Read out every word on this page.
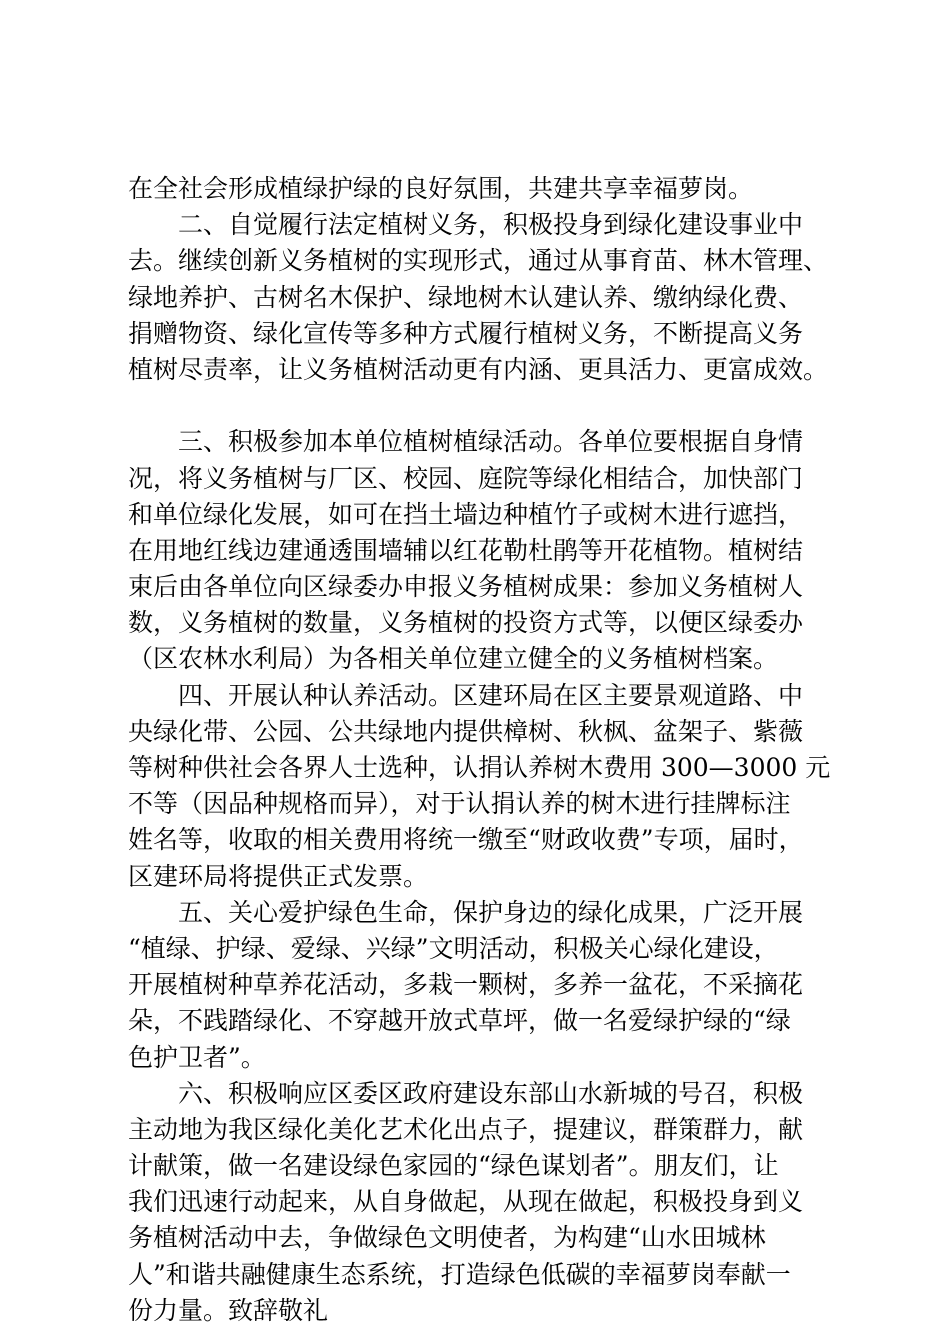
在全社会形成植绿护绿的良好氛围，共建共享幸福萝岗。
　　二、自觉履行法定植树义务，积极投身到绿化建设事业中
去。继续创新义务植树的实现形式，通过从事育苗、林木管理、
绿地养护、古树名木保护、绿地树木认建认养、缴纳绿化费、
捐赠物资、绿化宣传等多种方式履行植树义务，不断提高义务
植树尽责率，让义务植树活动更有内涵、更具活力、更富成效。
　　三、积极参加本单位植树植绿活动。各单位要根据自身情
况，将义务植树与厂区、校园、庭院等绿化相结合，加快部门
和单位绿化发展，如可在挡土墙边种植竹子或树木进行遮挡，
在用地红线边建通透围墙辅以红花勒杜鹃等开花植物。植树结
束后由各单位向区绿委办申报义务植树成果：参加义务植树人
数，义务植树的数量，义务植树的投资方式等，以便区绿委办
（区农林水利局）为各相关单位建立健全的义务植树档案。
　　四、开展认种认养活动。区建环局在区主要景观道路、中
央绿化带、公园、公共绿地内提供樟树、秋枫、盆架子、紫薇
等树种供社会各界人士选种，认捐认养树木费用 300—3000 元
不等（因品种规格而异），对于认捐认养的树木进行挂牌标注
姓名等，收取的相关费用将统一缴至“财政收费”专项，届时，
区建环局将提供正式发票。
　　五、关心爱护绿色生命，保护身边的绿化成果，广泛开展
“植绿、护绿、爱绿、兴绿”文明活动，积极关心绿化建设，
开展植树种草养花活动，多栽一颗树，多养一盆花，不采摘花
朵，不践踏绿化、不穿越开放式草坪，做一名爱绿护绿的“绿
色护卫者”。
　　六、积极响应区委区政府建设东部山水新城的号召，积极
主动地为我区绿化美化艺术化出点子，提建议，群策群力，献
计献策，做一名建设绿色家园的“绿色谋划者”。朋友们，让
我们迅速行动起来，从自身做起，从现在做起，积极投身到义
务植树活动中去，争做绿色文明使者，为构建“山水田城林
人”和谐共融健康生态系统，打造绿色低碳的幸福萝岗奉献一
份力量。致辞敬礼
